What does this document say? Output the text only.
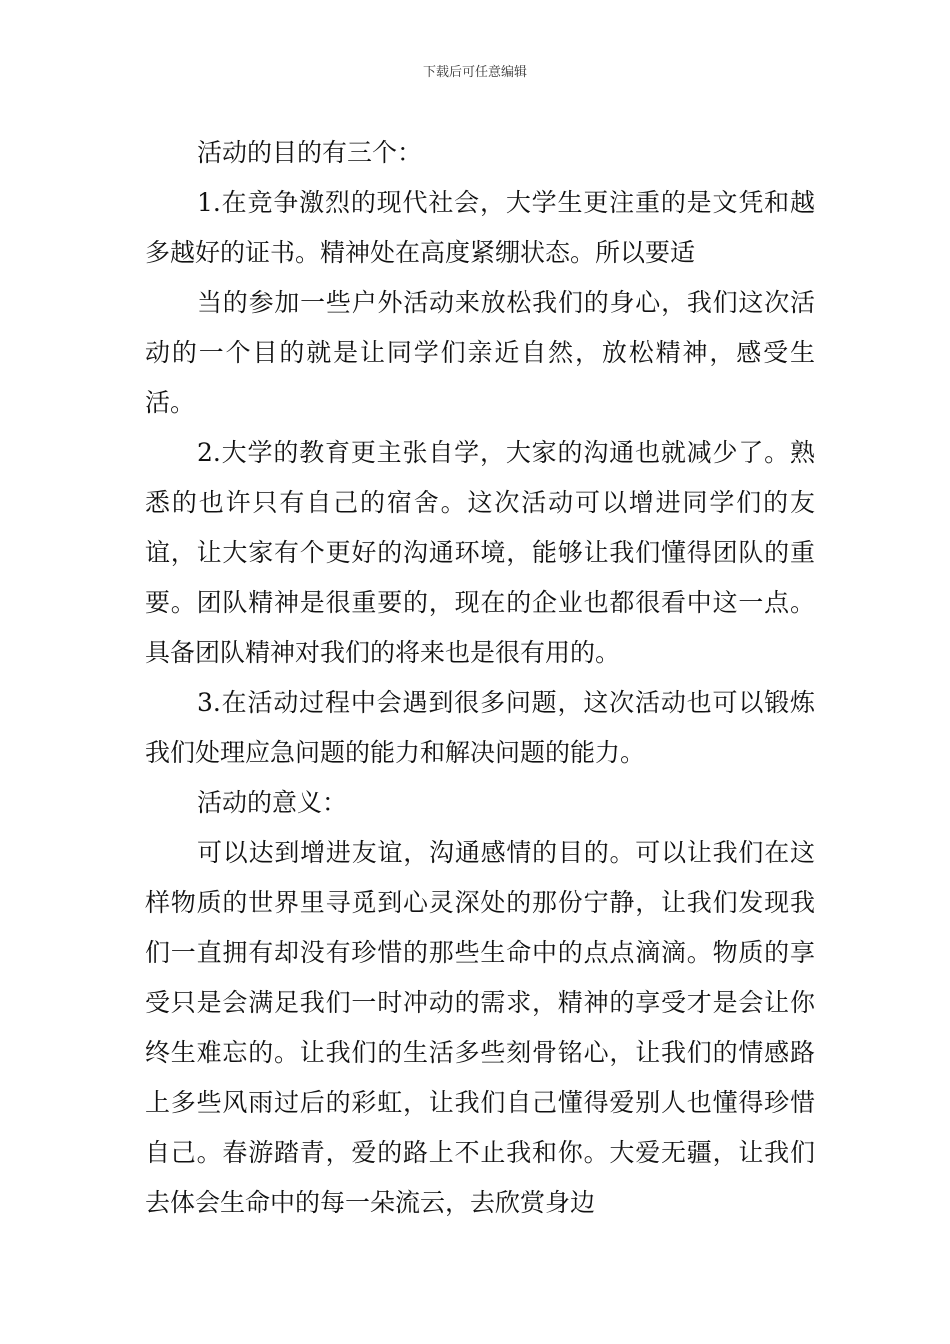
下载后可任意编辑

活动的目的有三个：

1.在竞争激烈的现代社会，大学生更注重的是文凭和越多越好的证书。精神处在高度紧绷状态。所以要适

当的参加一些户外活动来放松我们的身心，我们这次活动的一个目的就是让同学们亲近自然，放松精神，感受生活。

2.大学的教育更主张自学，大家的沟通也就减少了。熟悉的也许只有自己的宿舍。这次活动可以增进同学们的友谊，让大家有个更好的沟通环境，能够让我们懂得团队的重要。团队精神是很重要的，现在的企业也都很看中这一点。具备团队精神对我们的将来也是很有用的。

3.在活动过程中会遇到很多问题，这次活动也可以锻炼我们处理应急问题的能力和解决问题的能力。

活动的意义：

可以达到增进友谊，沟通感情的目的。可以让我们在这样物质的世界里寻觅到心灵深处的那份宁静，让我们发现我们一直拥有却没有珍惜的那些生命中的点点滴滴。物质的享受只是会满足我们一时冲动的需求，精神的享受才是会让你终生难忘的。让我们的生活多些刻骨铭心，让我们的情感路上多些风雨过后的彩虹，让我们自己懂得爱别人也懂得珍惜自己。春游踏青，爱的路上不止我和你。大爱无疆，让我们去体会生命中的每一朵流云，去欣赏身边
